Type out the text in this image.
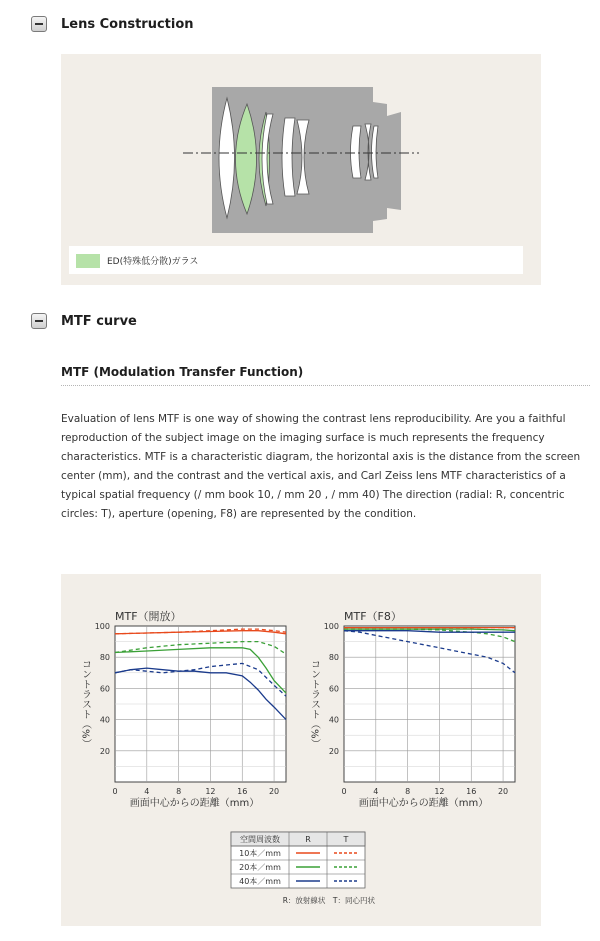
Lens Construction
ED(特殊低分散)ガラス
MTF curve
MTF (Modulation Transfer Function)
Evaluation of lens MTF is one way of showing the contrast lens reproducibility. Are you a faithful reproduction of the subject image on the imaging surface is much represents the frequency characteristics. MTF is a characteristic diagram, the horizontal axis is the distance from the screen center (mm), and the contrast and the vertical axis, and Carl Zeiss lens MTF characteristics of a typical spatial frequency (/ mm book 10, / mm 20 , / mm 40) The direction (radial: R, concentric circles: T), aperture (opening, F8) are represented by the condition.
0	4	8	12	16	20
20
40
60
80
100
MTF（開放）
画面中心からの距離（mm）
コントラスト（%）
0	4	8	12	16	20
20
40
60
80
100
MTF（F8）
画面中心からの距離（mm）
コントラスト（%）
空間周波数	R	T
10本／mm
20本／mm
40本／mm
R：放射線状　T：同心円状
